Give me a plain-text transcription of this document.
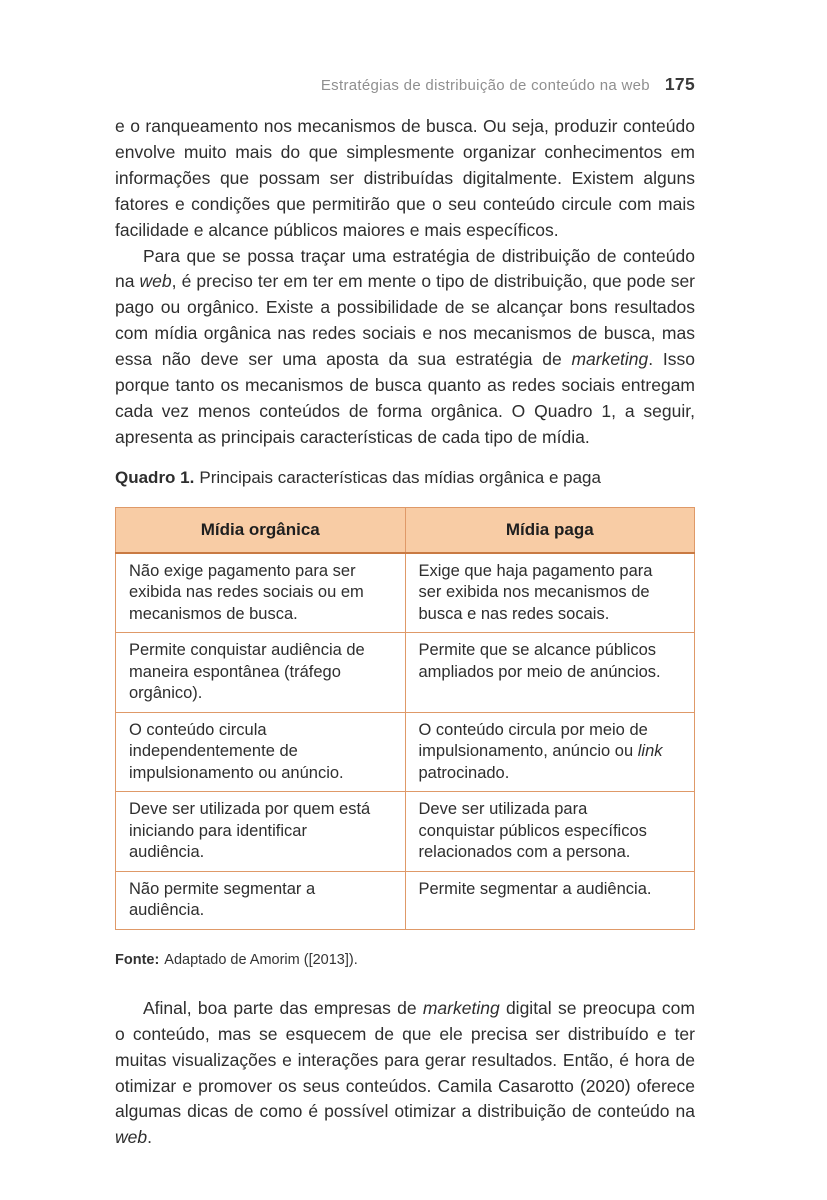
Estratégias de distribuição de conteúdo na web 175

e o ranqueamento nos mecanismos de busca. Ou seja, produzir conteúdo envolve muito mais do que simplesmente organizar conhecimentos em informações que possam ser distribuídas digitalmente. Existem alguns fatores e condições que permitirão que o seu conteúdo circule com mais facilidade e alcance públicos maiores e mais específicos.

Para que se possa traçar uma estratégia de distribuição de conteúdo na web, é preciso ter em ter em mente o tipo de distribuição, que pode ser pago ou orgânico. Existe a possibilidade de se alcançar bons resultados com mídia orgânica nas redes sociais e nos mecanismos de busca, mas essa não deve ser uma aposta da sua estratégia de marketing. Isso porque tanto os mecanismos de busca quanto as redes sociais entregam cada vez menos conteúdos de forma orgânica. O Quadro 1, a seguir, apresenta as principais características de cada tipo de mídia.

Quadro 1. Principais características das mídias orgânica e paga

Mídia orgânica	Mídia paga
Não exige pagamento para ser exibida nas redes sociais ou em mecanismos de busca.	Exige que haja pagamento para ser exibida nos mecanismos de busca e nas redes socais.
Permite conquistar audiência de maneira espontânea (tráfego orgânico).	Permite que se alcance públicos ampliados por meio de anúncios.
O conteúdo circula independentemente de impulsionamento ou anúncio.	O conteúdo circula por meio de impulsionamento, anúncio ou link patrocinado.
Deve ser utilizada por quem está iniciando para identificar audiência.	Deve ser utilizada para conquistar públicos específicos relacionados com a persona.
Não permite segmentar a audiência.	Permite segmentar a audiência.

Fonte: Adaptado de Amorim ([2013]).

Afinal, boa parte das empresas de marketing digital se preocupa com o conteúdo, mas se esquecem de que ele precisa ser distribuído e ter muitas visualizações e interações para gerar resultados. Então, é hora de otimizar e promover os seus conteúdos. Camila Casarotto (2020) oferece algumas dicas de como é possível otimizar a distribuição de conteúdo na web.
